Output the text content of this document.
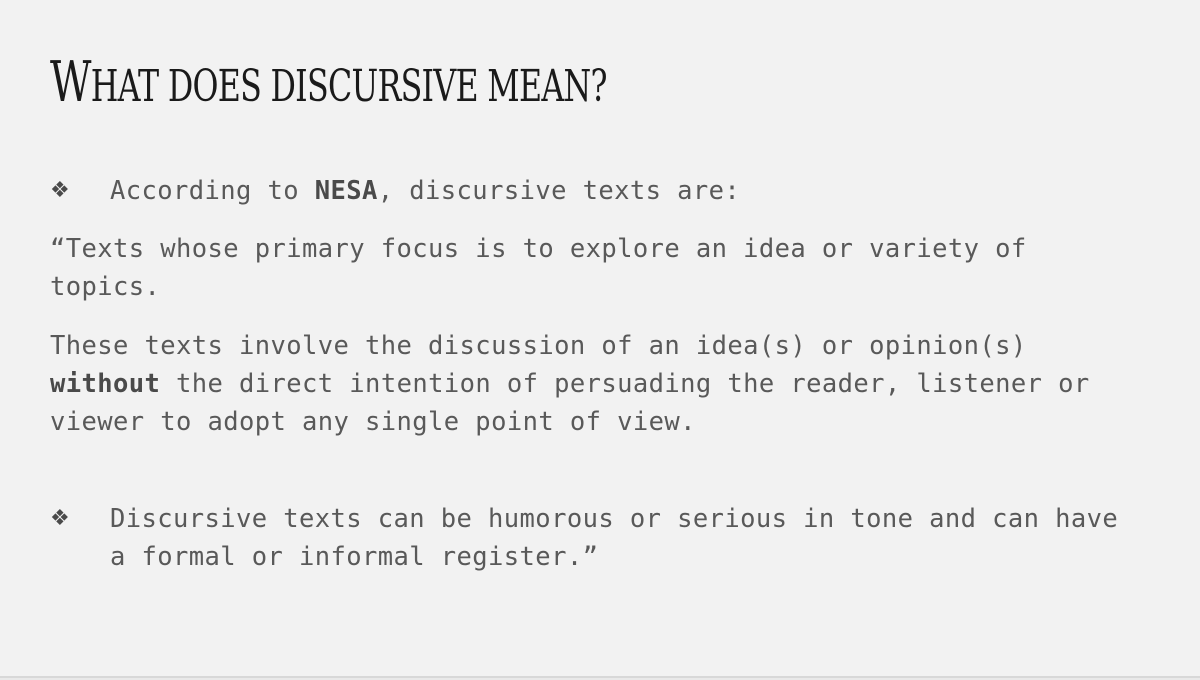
WHAT DOES DISCURSIVE MEAN?
❖	According to NESA, discursive texts are:

“Texts whose primary focus is to explore an idea or variety of topics.

These texts involve the discussion of an idea(s) or opinion(s) without the direct intention of persuading the reader, listener or viewer to adopt any single point of view.

❖	Discursive texts can be humorous or serious in tone and can have a formal or informal register.”
